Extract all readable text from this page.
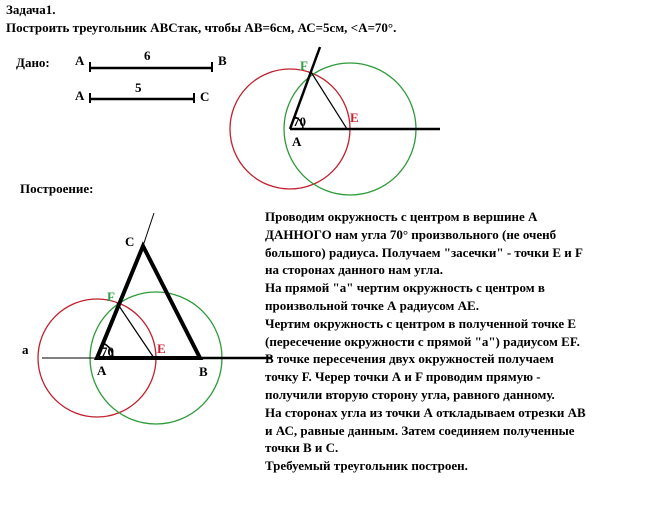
Задача1.
Построить треугольник АВСтак, чтобы АВ=6см, АС=5см, <А=70°.
Дано:
Построение:
А	В
6
А	С
5
70
А
E
F
70
a
А	В
С
E
F
Проводим окружность с центром в вершине А
ДАННОГО нам угла 70° произвольного (не оченб
большого) радиуса. Получаем "засечки" - точки E и F
на сторонах данного нам угла.
На прямой "а" чертим окружность с центром в
произвольной точке А радиусом АЕ.
Чертим окружность с центром в полученной точке Е
(пересечение окружности с прямой "а") радиусом ЕF.
В точке пересечения двух окружностей получаем
точку F. Черер точки А и F проводим прямую -
получили вторую сторону угла, равного данному.
На сторонах угла из точки А откладываем отрезки АВ
и АС, равные данным. Затем соединяем полученные
точки В и С.
Требуемый треугольник построен.
